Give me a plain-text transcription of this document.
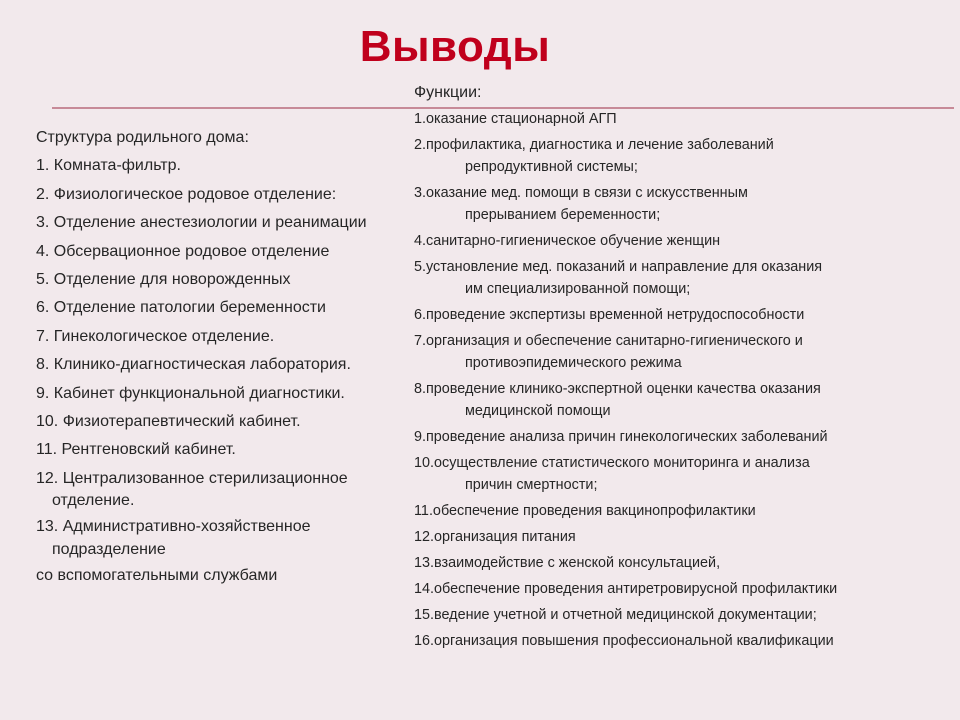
Выводы
Структура родильного дома:
1. Комната-фильтр.
2. Физиологическое родовое отделение:
3. Отделение анестезиологии и реанимации
4. Обсервационное родовое отделение
5. Отделение для новорожденных
6. Отделение патологии беременности
7. Гинекологическое отделение.
8. Клинико-диагностическая лаборатория.
9. Кабинет функциональной диагностики.
10. Физиотерапевтический кабинет.
11. Рентгеновский кабинет.
12. Централизованное стерилизационное
отделение.
13. Административно-хозяйственное
подразделение
со вспомогательными службами
Функции:
1.оказание стационарной АГП
2.профилактика, диагностика и лечение заболеваний
репродуктивной системы;
3.оказание мед. помощи в связи с искусственным
прерыванием беременности;
4.санитарно-гигиеническое обучение женщин
5.установление мед. показаний и направление для оказания
им специализированной помощи;
6.проведение экспертизы временной нетрудоспособности
7.организация и обеспечение санитарно-гигиенического и
противоэпидемического режима
8.проведение клинико-экспертной оценки качества оказания
медицинской помощи
9.проведение анализа причин гинекологических заболеваний
10.осуществление статистического мониторинга и анализа
причин смертности;
11.обеспечение проведения вакцинопрофилактики
12.организация питания
13.взаимодействие с женской консультацией,
14.обеспечение проведения антиретровирусной профилактики
15.ведение учетной и отчетной медицинской документации;
16.организация повышения профессиональной квалификации
